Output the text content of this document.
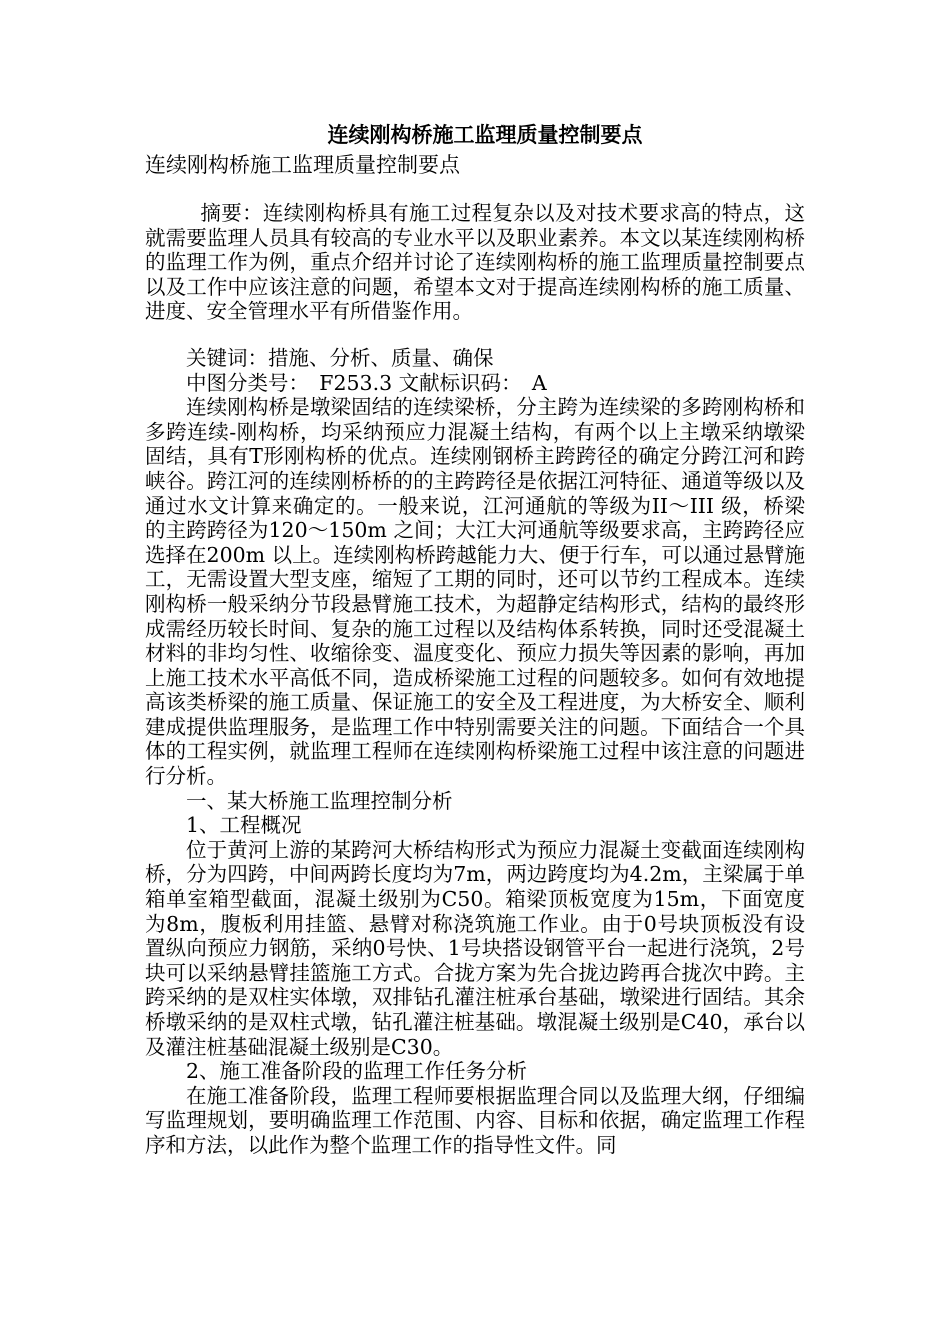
连续刚构桥施工监理质量控制要点

连续刚构桥施工监理质量控制要点

摘要：连续刚构桥具有施工过程复杂以及对技术要求高的特点，这就需要监理人员具有较高的专业水平以及职业素养。本文以某连续刚构桥的监理工作为例，重点介绍并讨论了连续刚构桥的施工监理质量控制要点以及工作中应该注意的问题，希望本文对于提高连续刚构桥的施工质量、进度、安全管理水平有所借鉴作用。

关键词：措施、分析、质量、确保

中图分类号：　F253.3 文献标识码：　A

连续刚构桥是墩梁固结的连续梁桥，分主跨为连续梁的多跨刚构桥和多跨连续-刚构桥，均采纳预应力混凝土结构，有两个以上主墩采纳墩梁固结，具有T形刚构桥的优点。连续刚钢桥主跨跨径的确定分跨江河和跨峡谷。跨江河的连续刚桥桥的的主跨跨径是依据江河特征、通道等级以及通过水文计算来确定的。一般来说，江河通航的等级为II～III 级，桥梁的主跨跨径为120～150m 之间；大江大河通航等级要求高，主跨跨径应选择在200m 以上。连续刚构桥跨越能力大、便于行车，可以通过悬臂施工，无需设置大型支座，缩短了工期的同时，还可以节约工程成本。连续刚构桥一般采纳分节段悬臂施工技术，为超静定结构形式，结构的最终形成需经历较长时间、复杂的施工过程以及结构体系转换，同时还受混凝土材料的非均匀性、收缩徐变、温度变化、预应力损失等因素的影响，再加上施工技术水平高低不同，造成桥梁施工过程的问题较多。如何有效地提高该类桥梁的施工质量、保证施工的安全及工程进度，为大桥安全、顺利建成提供监理服务，是监理工作中特别需要关注的问题。下面结合一个具体的工程实例，就监理工程师在连续刚构桥梁施工过程中该注意的问题进行分析。

一、某大桥施工监理控制分析

1、工程概况

位于黄河上游的某跨河大桥结构形式为预应力混凝土变截面连续刚构桥，分为四跨，中间两跨长度均为7m，两边跨度均为4.2m，主梁属于单箱单室箱型截面，混凝土级别为C50。箱梁顶板宽度为15m，下面宽度为8m，腹板利用挂篮、悬臂对称浇筑施工作业。由于0号块顶板没有设置纵向预应力钢筋，采纳0号快、1号块搭设钢管平台一起进行浇筑，2号块可以采纳悬臂挂篮施工方式。合拢方案为先合拢边跨再合拢次中跨。主跨采纳的是双柱实体墩，双排钻孔灌注桩承台基础，墩梁进行固结。其余桥墩采纳的是双柱式墩，钻孔灌注桩基础。墩混凝土级别是C40，承台以及灌注桩基础混凝土级别是C30。

2、施工准备阶段的监理工作任务分析

在施工准备阶段，监理工程师要根据监理合同以及监理大纲，仔细编写监理规划，要明确监理工作范围、内容、目标和依据，确定监理工作程序和方法，以此作为整个监理工作的指导性文件。同
